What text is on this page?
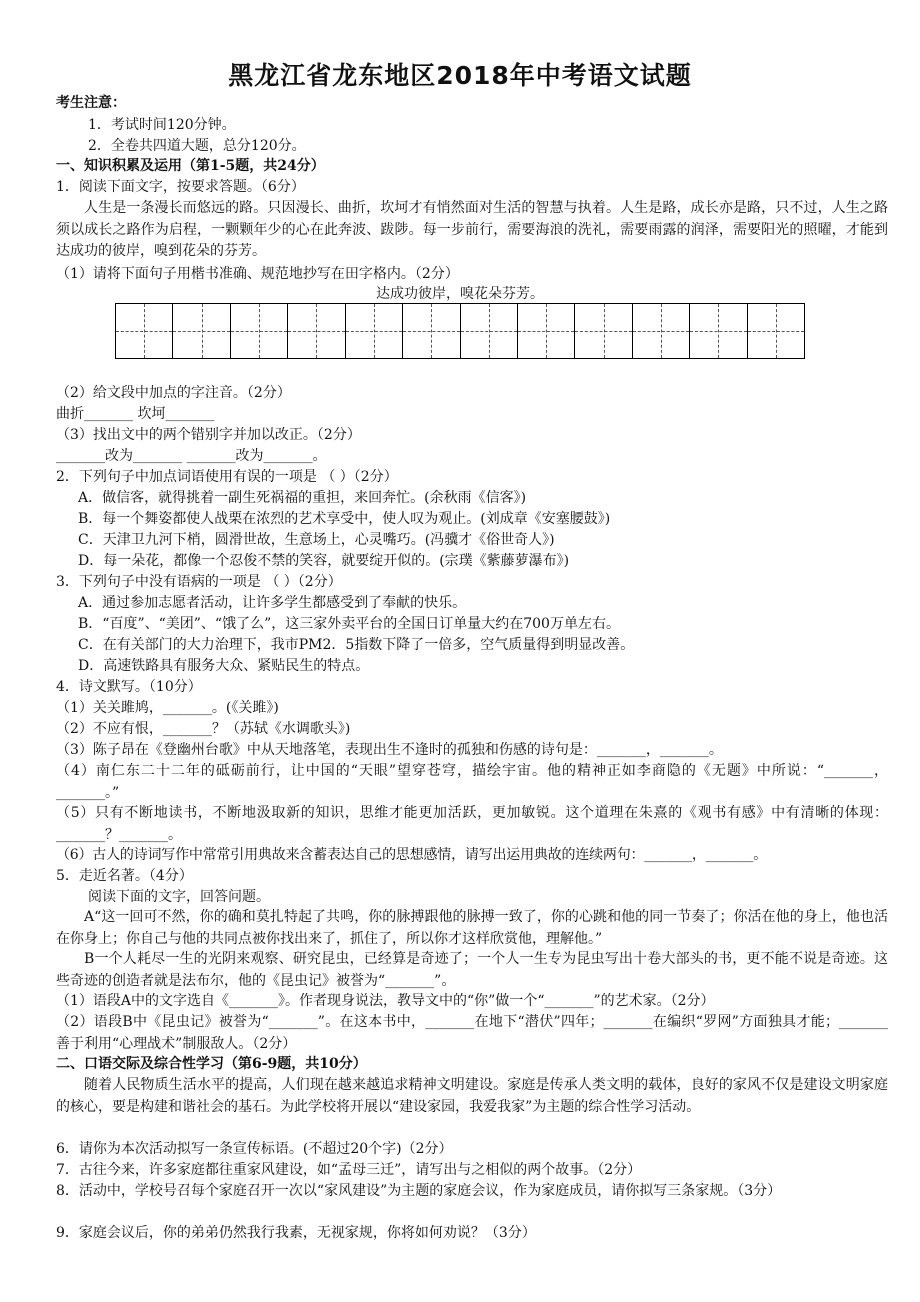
黑龙江省龙东地区2018年中考语文试题
考生注意：
1．考试时间120分钟。
2．全卷共四道大题，总分120分。
一、知识积累及运用（第1-5题，共24分）
1．阅读下面文字，按要求答题。（6分）
人生是一条漫长而悠远的路。只因漫长、曲折，坎坷才有悄然面对生活的智慧与执着。人生是路，成长亦是路，只不过，人生之路须以成长之路作为启程，一颗颗年少的心在此奔波、跋陟。每一步前行，需要海浪的洗礼，需要雨露的润泽，需要阳光的照曜，才能到达成功的彼岸，嗅到花朵的芬芳。
（1）请将下面句子用楷书准确、规范地抄写在田字格内。（2分）
达成功彼岸，嗅花朵芬芳。
（2）给文段中加点的字注音。（2分）
曲折_______ 坎坷_______
（3）找出文中的两个错别字并加以改正。（2分）
_______改为_______ _______改为_______。
2．下列句子中加点词语使用有误的一项是 （ ）（2分）
A．做信客，就得挑着一副生死祸福的重担，来回奔忙。(余秋雨《信客》)
B．每一个舞姿都使人战栗在浓烈的艺术享受中，使人叹为观止。(刘成章《安塞腰鼓》)
C．天津卫九河下梢，圆滑世故，生意场上，心灵嘴巧。(冯骥才《俗世奇人》)
D．每一朵花，都像一个忍俊不禁的笑容，就要绽开似的。(宗璞《紫藤萝瀑布》)
3．下列句子中没有语病的一项是 （ ）（2分）
A．通过参加志愿者活动，让许多学生都感受到了奉献的快乐。
B．“百度”、“美团”、“饿了么”，这三家外卖平台的全国日订单量大约在700万单左右。
C．在有关部门的大力治理下，我市PM2．5指数下降了一倍多，空气质量得到明显改善。
D．高速铁路具有服务大众、紧贴民生的特点。
4．诗文默写。（10分）
（1）关关雎鸠，_______。(《关雎》)
（2）不应有恨，_______？（苏轼《水调歌头》)
（3）陈子昂在《登幽州台歌》中从天地落笔，表现出生不逢时的孤独和伤感的诗句是：_______，_______。
（4）南仁东二十二年的砥砺前行，让中国的“天眼”望穿苍穹，描绘宇宙。他的精神正如李商隐的《无题》中所说：“_______，_______。”
（5）只有不断地读书，不断地汲取新的知识，思维才能更加活跃，更加敏锐。这个道理在朱熹的《观书有感》中有清晰的体现：_______？_______。
（6）古人的诗词写作中常常引用典故来含蓄表达自己的思想感情，请写出运用典故的连续两句：_______，_______。
5．走近名著。（4分）
阅读下面的文字，回答问题。
A“这一回可不然，你的确和莫扎特起了共鸣，你的脉搏跟他的脉搏一致了，你的心跳和他的同一节奏了；你活在他的身上，他也活在你身上；你自己与他的共同点被你找出来了，抓住了，所以你才这样欣赏他，理解他。”
B一个人耗尽一生的光阴来观察、研究昆虫，已经算是奇迹了；一个人一生专为昆虫写出十卷大部头的书，更不能不说是奇迹。这些奇迹的创造者就是法布尔，他的《昆虫记》被誉为“_______”。
（1）语段A中的文字选自《_______》。作者现身说法，教导文中的“你”做一个“_______”的艺术家。（2分）
（2）语段B中《昆虫记》被誉为“_______”。在这本书中，_______在地下“潜伏”四年；_______在编织“罗网”方面独具才能；_______善于利用“心理战术”制服敌人。（2分）
二、口语交际及综合性学习（第6-9题，共10分）
随着人民物质生活水平的提高，人们现在越来越追求精神文明建设。家庭是传承人类文明的载体，良好的家风不仅是建设文明家庭的核心，要是构建和谐社会的基石。为此学校将开展以“建设家园，我爱我家”为主题的综合性学习活动。
6．请你为本次活动拟写一条宣传标语。(不超过20个字)（2分）
7．古往今来，许多家庭都往重家风建设，如“孟母三迁”，请写出与之相似的两个故事。（2分）
8．活动中，学校号召每个家庭召开一次以“家风建设”为主题的家庭会议，作为家庭成员，请你拟写三条家规。（3分）
9．家庭会议后，你的弟弟仍然我行我素，无视家规，你将如何劝说？（3分）
